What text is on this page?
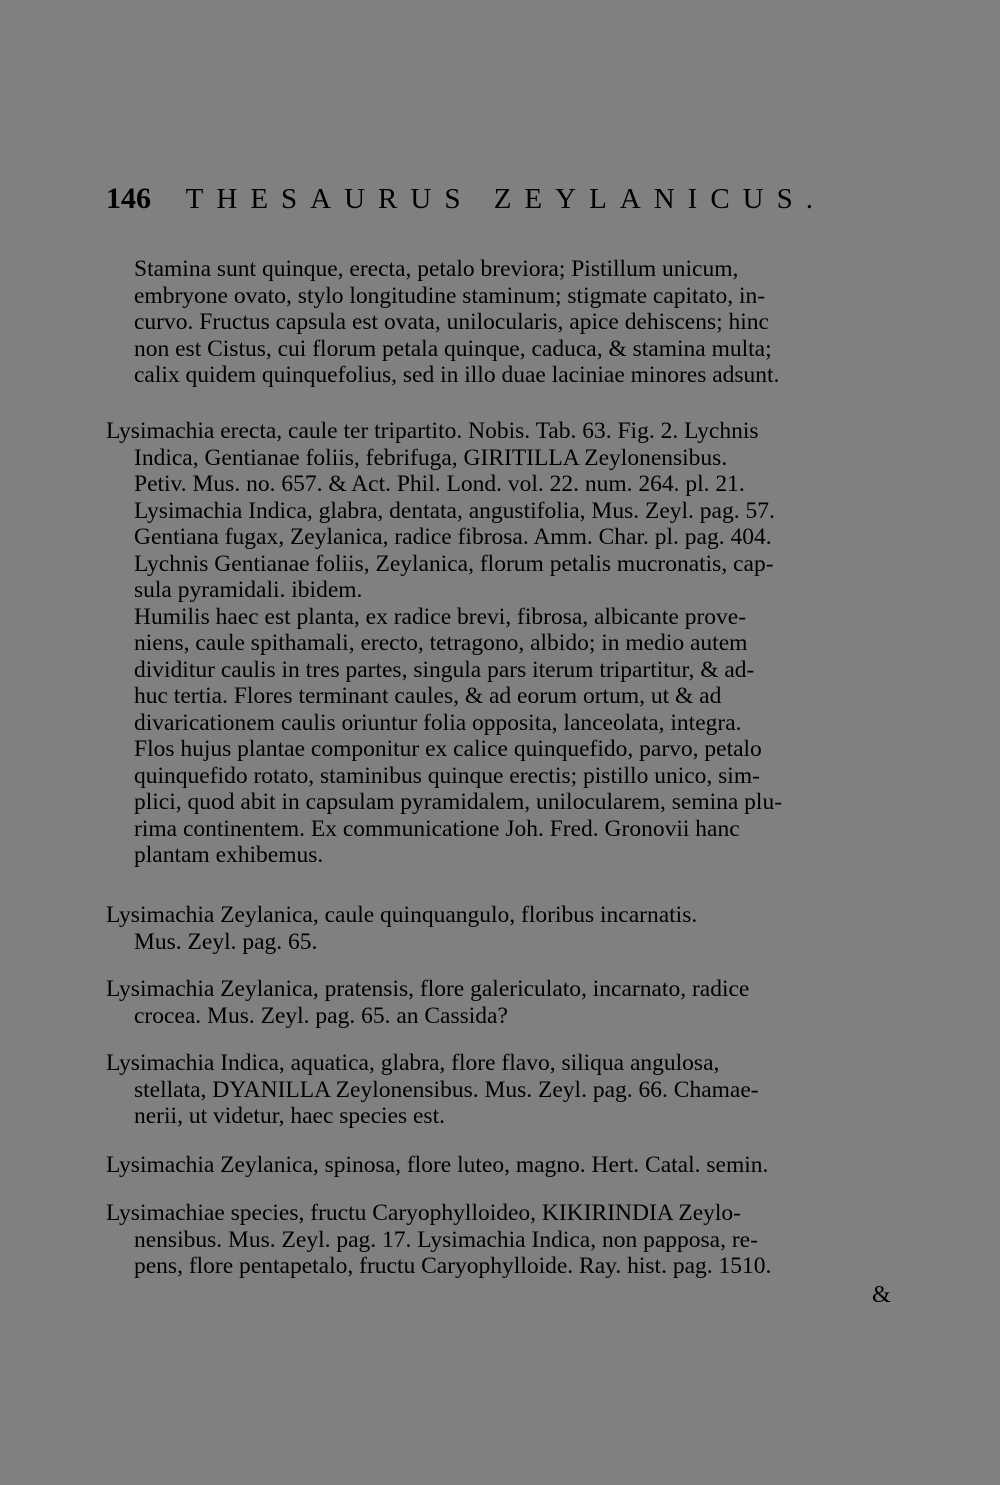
146	THESAURUS ZEYLANICUS.
Stamina sunt quinque, erecta, petalo breviora; Pistillum unicum,
embryone ovato, stylo longitudine staminum; stigmate capitato, in-
curvo. Fructus capsula est ovata, unilocularis, apice dehiscens; hinc
non est Cistus, cui florum petala quinque, caduca, & stamina multa;
calix quidem quinquefolius, sed in illo duae laciniae minores adsunt.
Lysimachia erecta, caule ter tripartito. Nobis. Tab. 63. Fig. 2. Lychnis
Indica, Gentianae foliis, febrifuga, GIRITILLA Zeylonensibus.
Petiv. Mus. no. 657. & Act. Phil. Lond. vol. 22. num. 264. pl. 21.
Lysimachia Indica, glabra, dentata, angustifolia, Mus. Zeyl. pag. 57.
Gentiana fugax, Zeylanica, radice fibrosa. Amm. Char. pl. pag. 404.
Lychnis Gentianae foliis, Zeylanica, florum petalis mucronatis, cap-
sula pyramidali. ibidem.
Humilis haec est planta, ex radice brevi, fibrosa, albicante prove-
niens, caule spithamali, erecto, tetragono, albido; in medio autem
dividitur caulis in tres partes, singula pars iterum tripartitur, & ad-
huc tertia. Flores terminant caules, & ad eorum ortum, ut & ad
divaricationem caulis oriuntur folia opposita, lanceolata, integra.
Flos hujus plantae componitur ex calice quinquefido, parvo, petalo
quinquefido rotato, staminibus quinque erectis; pistillo unico, sim-
plici, quod abit in capsulam pyramidalem, unilocularem, semina plu-
rima continentem. Ex communicatione Joh. Fred. Gronovii hanc
plantam exhibemus.
Lysimachia Zeylanica, caule quinquangulo, floribus incarnatis.
Mus. Zeyl. pag. 65.
Lysimachia Zeylanica, pratensis, flore galericulato, incarnato, radice
crocea. Mus. Zeyl. pag. 65. an Cassida?
Lysimachia Indica, aquatica, glabra, flore flavo, siliqua angulosa,
stellata, DYANILLA Zeylonensibus. Mus. Zeyl. pag. 66. Chamae-
nerii, ut videtur, haec species est.
Lysimachia Zeylanica, spinosa, flore luteo, magno. Hert. Catal. semin.
Lysimachiae species, fructu Caryophylloideo, KIKIRINDIA Zeylo-
nensibus. Mus. Zeyl. pag. 17. Lysimachia Indica, non papposa, re-
pens, flore pentapetalo, fructu Caryophylloide. Ray. hist. pag. 1510.
&
